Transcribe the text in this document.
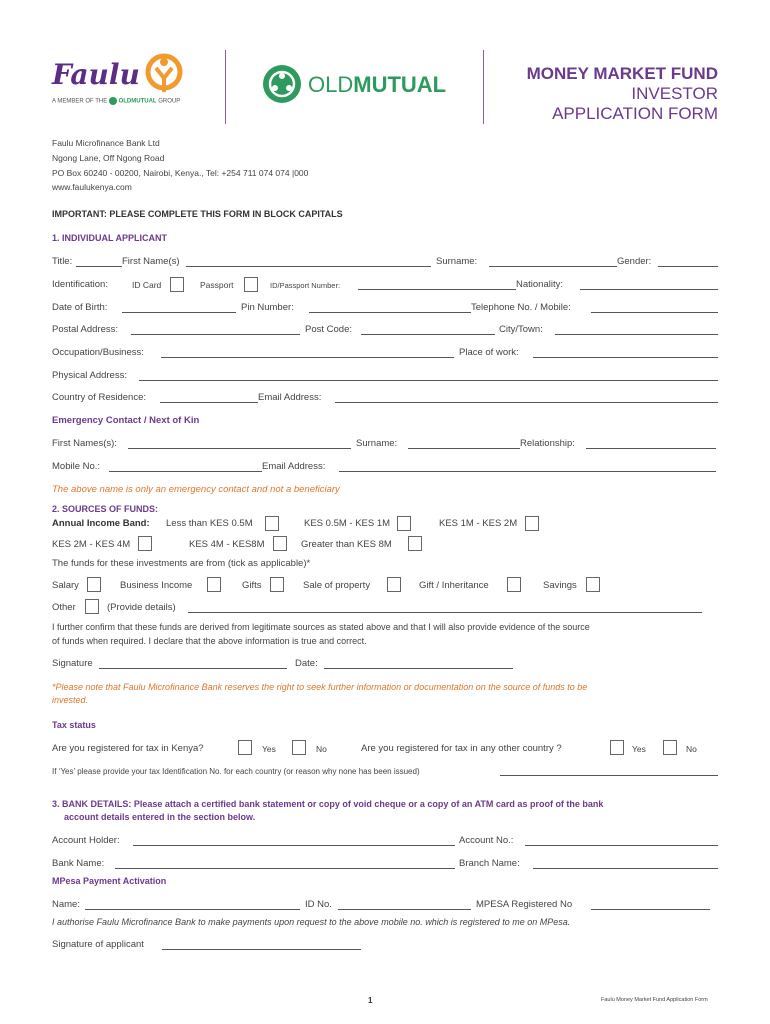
Faulu
A MEMBER OF THE OLDMUTUAL GROUP
OLDMUTUAL	MONEY MARKET FUND
INVESTOR
APPLICATION FORM
Faulu Microfinance Bank Ltd
Ngong Lane, Off Ngong Road
PO Box 60240 - 00200, Nairobi, Kenya., Tel: +254 711 074 074 |000
www.faulukenya.com
IMPORTANT: PLEASE COMPLETE THIS FORM IN BLOCK CAPITALS
1. INDIVIDUAL APPLICANT
Title:	First Name(s)	Surname:	Gender:
Identification:	ID Card	Passport	ID/Passport Number:	Nationality:
Date of Birth:	Pin Number:	Telephone No. / Mobile:
Postal Address:	Post Code:	City/Town:
Occupation/Business:	Place of work:
Physical Address:
Country of Residence:	Email Address:
Emergency Contact / Next of Kin
First Names(s):	Surname:	Relationship:
Mobile No.:	Email Address:
The above name is only an emergency contact and not a beneficiary
2. SOURCES OF FUNDS:
Annual Income Band: Less than KES 0.5M	KES 0.5M - KES 1M	KES 1M - KES 2M
KES 2M - KES 4M	KES 4M - KES8M	Greater than KES 8M
The funds for these investments are from (tick as applicable)*
Salary	Business Income	Gifts	Sale of property	Gift / Inheritance	Savings
Other	(Provide details)
I further confirm that these funds are derived from legitimate sources as stated above and that I will also provide evidence of the source
of funds when required. I declare that the above information is true and correct.
Signature	Date:
*Please note that Faulu Microfinance Bank reserves the right to seek further information or documentation on the source of funds to be
invested.
Tax status
Are you registered for tax in Kenya?	Yes	No	Are you registered for tax in any other country ?	Yes	No
If ‘Yes’ please provide your tax Identification No. for each country (or reason why none has been issued)
3. BANK DETAILS: Please attach a certified bank statement or copy of void cheque or a copy of an ATM card as proof of the bank
account details entered in the section below.
Account Holder:	Account No.:
Bank Name:	Branch Name:
MPesa Payment Activation
Name:	ID No.	MPESA Registered No
I authorise Faulu Microfinance Bank to make payments upon request to the above mobile no. which is registered to me on MPesa.
Signature of applicant
1	Faulu Money Market Fund Application Form
